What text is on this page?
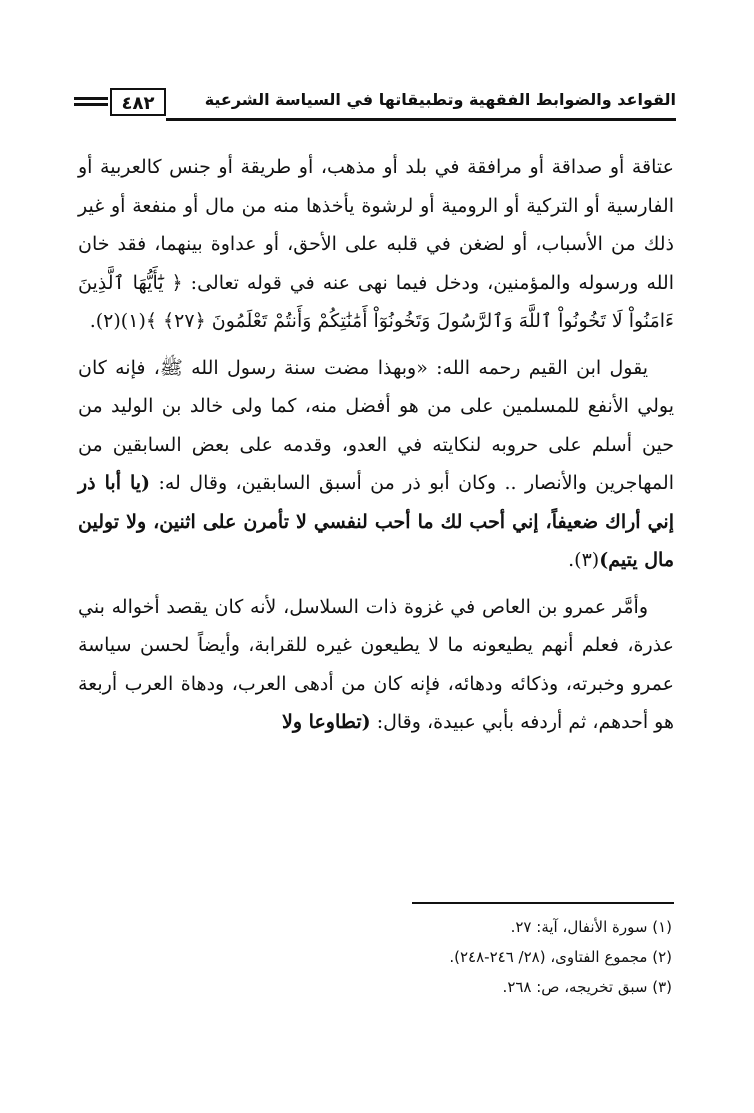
القواعد والضوابط الفقهية وتطبيقاتها في السياسة الشرعية
٤٨٢

عتاقة أو صداقة أو مرافقة في بلد أو مذهب، أو طريقة أو جنس كالعربية أو الفارسية أو التركية أو الرومية أو لرشوة يأخذها منه من مال أو منفعة أو غير ذلك من الأسباب، أو لضغن في قلبه على الأحق، أو عداوة بينهما، فقد خان الله ورسوله والمؤمنين، ودخل فيما نهى عنه في قوله تعالى: ﴿ يَٰٓأَيُّهَا ٱلَّذِينَ ءَامَنُواْ لَا تَخُونُواْ ٱللَّهَ وَٱلرَّسُولَ وَتَخُونُوٓاْ أَمَٰنَٰتِكُمْ وَأَنتُمْ تَعْلَمُونَ ﴿٢٧﴾ ﴾(١)(٢).

يقول ابن القيم رحمه الله: «وبهذا مضت سنة رسول الله ﷺ، فإنه كان يولي الأنفع للمسلمين على من هو أفضل منه، كما ولى خالد بن الوليد من حين أسلم على حروبه لنكايته في العدو، وقدمه على بعض السابقين من المهاجرين والأنصار .. وكان أبو ذر من أسبق السابقين، وقال له: (يا أبا ذر إني أراك ضعيفاً، إني أحب لك ما أحب لنفسي لا تأمرن على اثنين، ولا تولين مال يتيم)(٣).

وأمَّر عمرو بن العاص في غزوة ذات السلاسل، لأنه كان يقصد أخواله بني عذرة، فعلم أنهم يطيعونه ما لا يطيعون غيره للقرابة، وأيضاً لحسن سياسة عمرو وخبرته، وذكائه ودهائه، فإنه كان من أدهى العرب، ودهاة العرب أربعة هو أحدهم، ثم أردفه بأبي عبيدة، وقال: (تطاوعا ولا

(١) سورة الأنفال، آية: ٢٧.
(٢) مجموع الفتاوى، (٢٨/ ٢٤٦-٢٤٨).
(٣) سبق تخريجه، ص: ٢٦٨.
